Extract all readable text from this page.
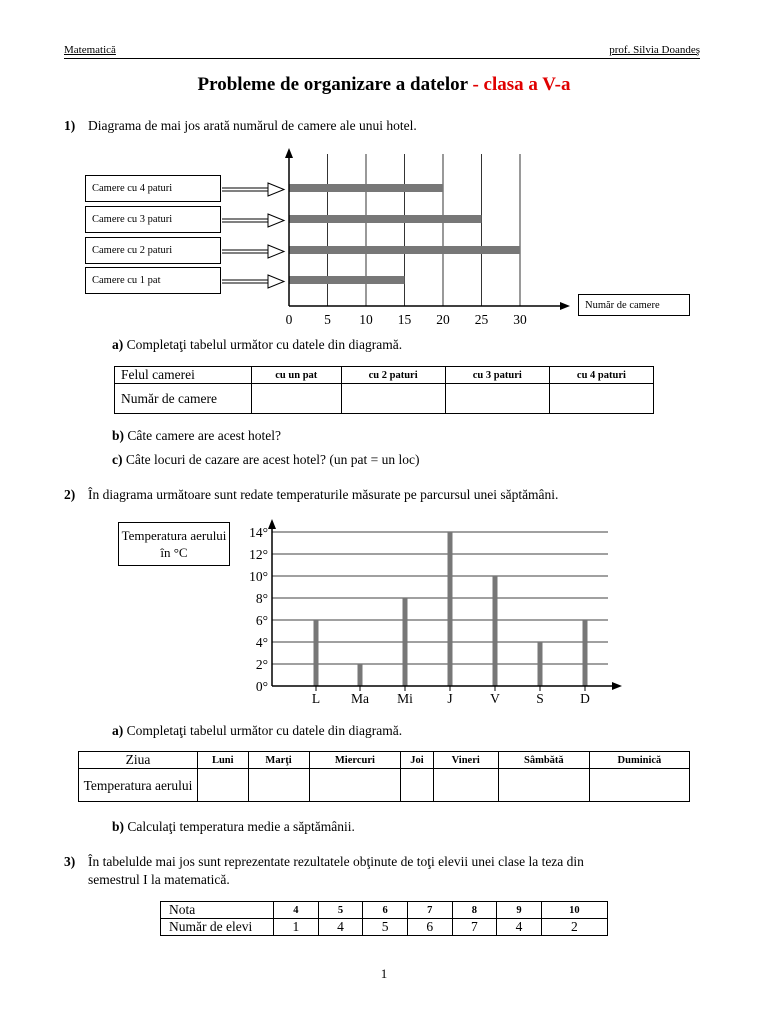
Matematică	prof. Silvia Doandeş
Probleme de organizare a datelor - clasa a V-a
1) Diagrama de mai jos arată numărul de camere ale unui hotel.
0 5 10 15 20 25 30
Camere cu 4 paturi
Camere cu 3 paturi
Camere cu 2 paturi
Camere cu 1 pat
Număr de camere
a) Completaţi tabelul următor cu datele din diagramă.
Felul camerei	cu un pat	cu 2 paturi	cu 3 paturi	cu 4 paturi
Număr de camere				
b) Câte camere are acest hotel?
c) Câte locuri de cazare are acest hotel? (un pat = un loc)
2) În diagrama următoare sunt redate temperaturile măsurate pe parcursul unei săptămâni.
Temperatura aerului în °C
0°
2°
4°
6°
8°
10°
12°
14°
L Ma Mi	J	V	S	D
a) Completaţi tabelul următor cu datele din diagramă.
Ziua	Luni	Marţi	Miercuri	Joi	Vineri	Sâmbătă	Duminică
Temperatura aerului							
b) Calculaţi temperatura medie a săptămânii.
3) În tabelulde mai jos sunt reprezentate rezultatele obţinute de toţi elevii unei clase la teza din
semestrul I la matematică.
Nota	4	5	6	7	8	9	10
Număr de elevi	1	4	5	6	7	4	2
1
